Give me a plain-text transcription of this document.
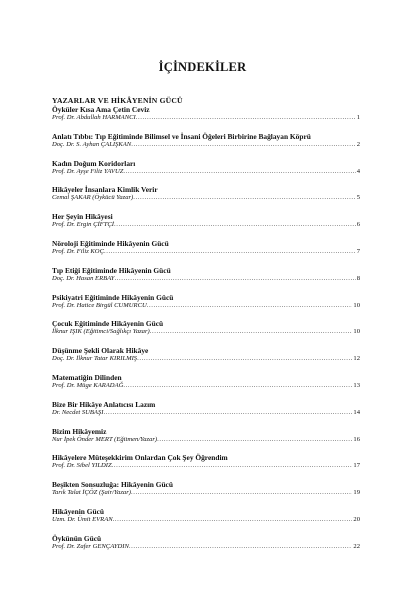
İÇİNDEKİLER
YAZARLAR VE HİKÂYENİN GÜCÜ
Öyküler Kısa Ama Çetin Ceviz
Prof. Dr. Abdullah HARMANCI .....	1
Anlatı Tıbbı: Tıp Eğitiminde Bilimsel ve İnsani Öğeleri Birbirine Bağlayan Köprü
Doç. Dr. S. Ayhan ÇALIŞKAN .....	2
Kadın Doğum Koridorları
Prof. Dr. Ayşe Filiz YAVUZ .....	4
Hikâyeler İnsanlara Kimlik Verir
Cemal ŞAKAR (Öykücü Yazar) .....	5
Her Şeyin Hikâyesi
Prof. Dr. Ergin ÇİFTÇİ .....	6
Nöroloji Eğitiminde Hikâyenin Gücü
Prof. Dr. Filiz KOÇ .....	7
Tıp Etiği Eğitiminde Hikâyenin Gücü
Doç. Dr. Hasan ERBAY .....	8
Psikiyatri Eğitiminde Hikâyenin Gücü
Prof. Dr. Hatice Birgül CUMURCU .....	10
Çocuk Eğitiminde Hikâyenin Gücü
İlknur IŞIK (Eğitimci/Sağlıkçı Yazar) .....	10
Düşünme Şekli Olarak Hikâye
Doç. Dr. İlknur Tatar KIRILMIŞ .....	12
Matematiğin Dilinden
Prof. Dr. Müge KARADAĞ .....	13
Bize Bir Hikâye Anlatıcısı Lazım
Dr. Necdet SUBAŞI .....	14
Bizim Hikâyemiz
Nur İpek Önder MERT (Eğitmen/Yazar) .....	16
Hikâyelere Müteşekkirim Onlardan Çok Şey Öğrendim
Prof. Dr. Sibel YILDIZ .....	17
Beşikten Sonsuzluğa: Hikâyenin Gücü
Tarık Talat İÇÖZ (Şair/Yazar) .....	19
Hikâyenin Gücü
Uzm. Dr. Ümit EVRAN .....	20
Öykünün Gücü
Prof. Dr. Zafer GENÇAYDIN .....	22
